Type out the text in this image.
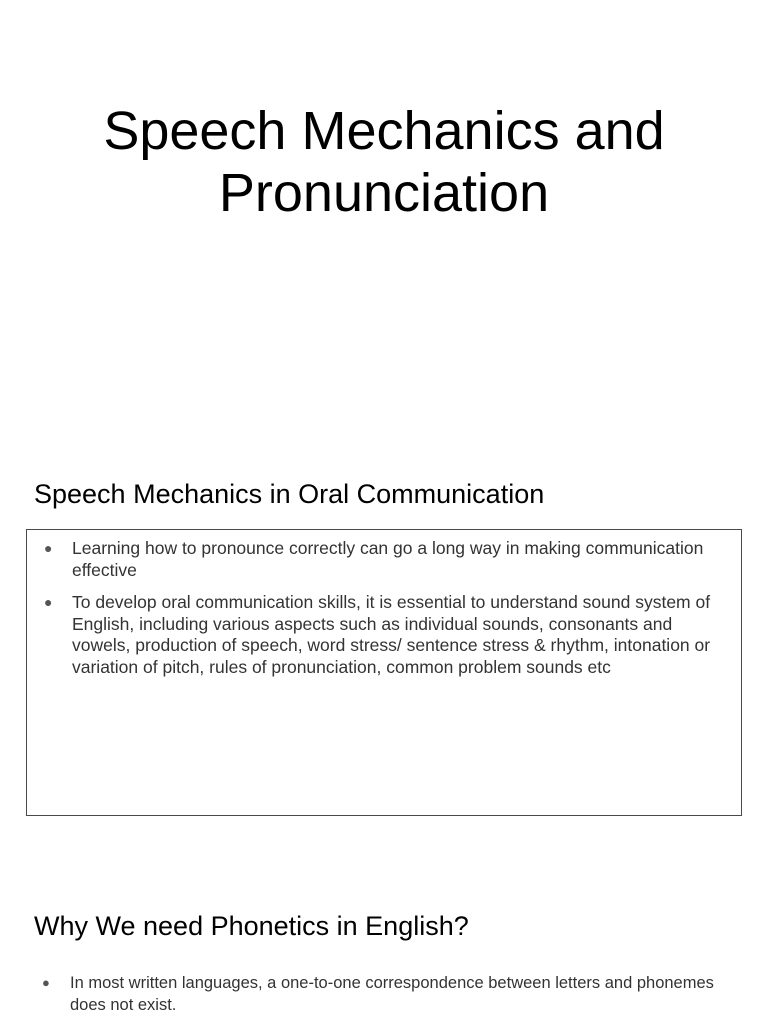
Speech Mechanics and
Pronunciation
Speech Mechanics in Oral Communication
● Learning how to pronounce correctly can go a long way in making communication effective
● To develop oral communication skills, it is essential to understand sound system of English, including various aspects such as individual sounds, consonants and vowels, production of speech, word stress/ sentence stress & rhythm, intonation or variation of pitch, rules of pronunciation, common problem sounds etc
Why We need Phonetics in English?
● In most written languages, a one-to-one correspondence between letters and phonemes does not exist.
